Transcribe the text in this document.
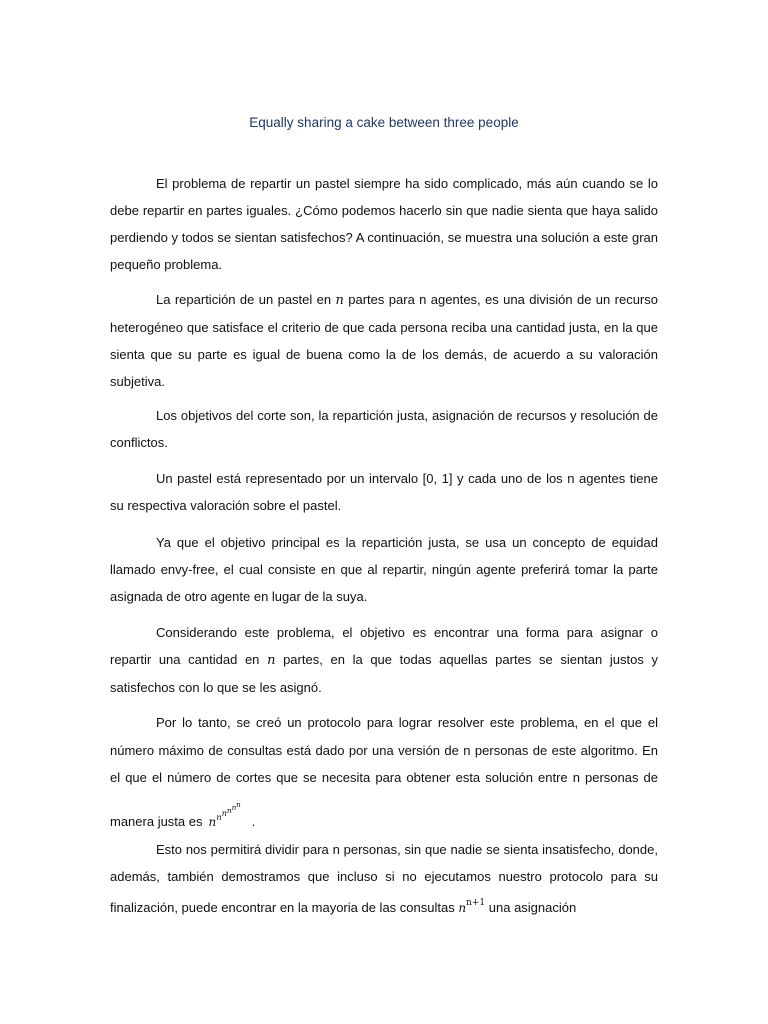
Equally sharing a cake between three people

El problema de repartir un pastel siempre ha sido complicado, más aún cuando se lo debe repartir en partes iguales. ¿Cómo podemos hacerlo sin que nadie sienta que haya salido perdiendo y todos se sientan satisfechos? A continuación, se muestra una solución a este gran pequeño problema.

La repartición de un pastel en n partes para n agentes, es una división de un recurso heterogéneo que satisface el criterio de que cada persona reciba una cantidad justa, en la que sienta que su parte es igual de buena como la de los demás, de acuerdo a su valoración subjetiva.

Los objetivos del corte son, la repartición justa, asignación de recursos y resolución de conflictos.

Un pastel está representado por un intervalo [0, 1] y cada uno de los n agentes tiene su respectiva valoración sobre el pastel.

Ya que el objetivo principal es la repartición justa, se usa un concepto de equidad llamado envy-free, el cual consiste en que al repartir, ningún agente preferirá tomar la parte asignada de otro agente en lugar de la suya.

Considerando este problema, el objetivo es encontrar una forma para asignar o repartir una cantidad en n partes, en la que todas aquellas partes se sientan justos y satisfechos con lo que se les asignó.

Por lo tanto, se creó un protocolo para lograr resolver este problema, en el que el número máximo de consultas está dado por una versión de n personas de este algoritmo. En el que el número de cortes que se necesita para obtener esta solución entre n personas de manera justa es $n^{n^{n^{n^{n^n}}}}$   .

Esto nos permitirá dividir para n personas, sin que nadie se sienta insatisfecho, donde, además, también demostramos que incluso si no ejecutamos nuestro protocolo para su finalización, puede encontrar en la mayoria de las consultas $n^{n+1}$ una asignación
